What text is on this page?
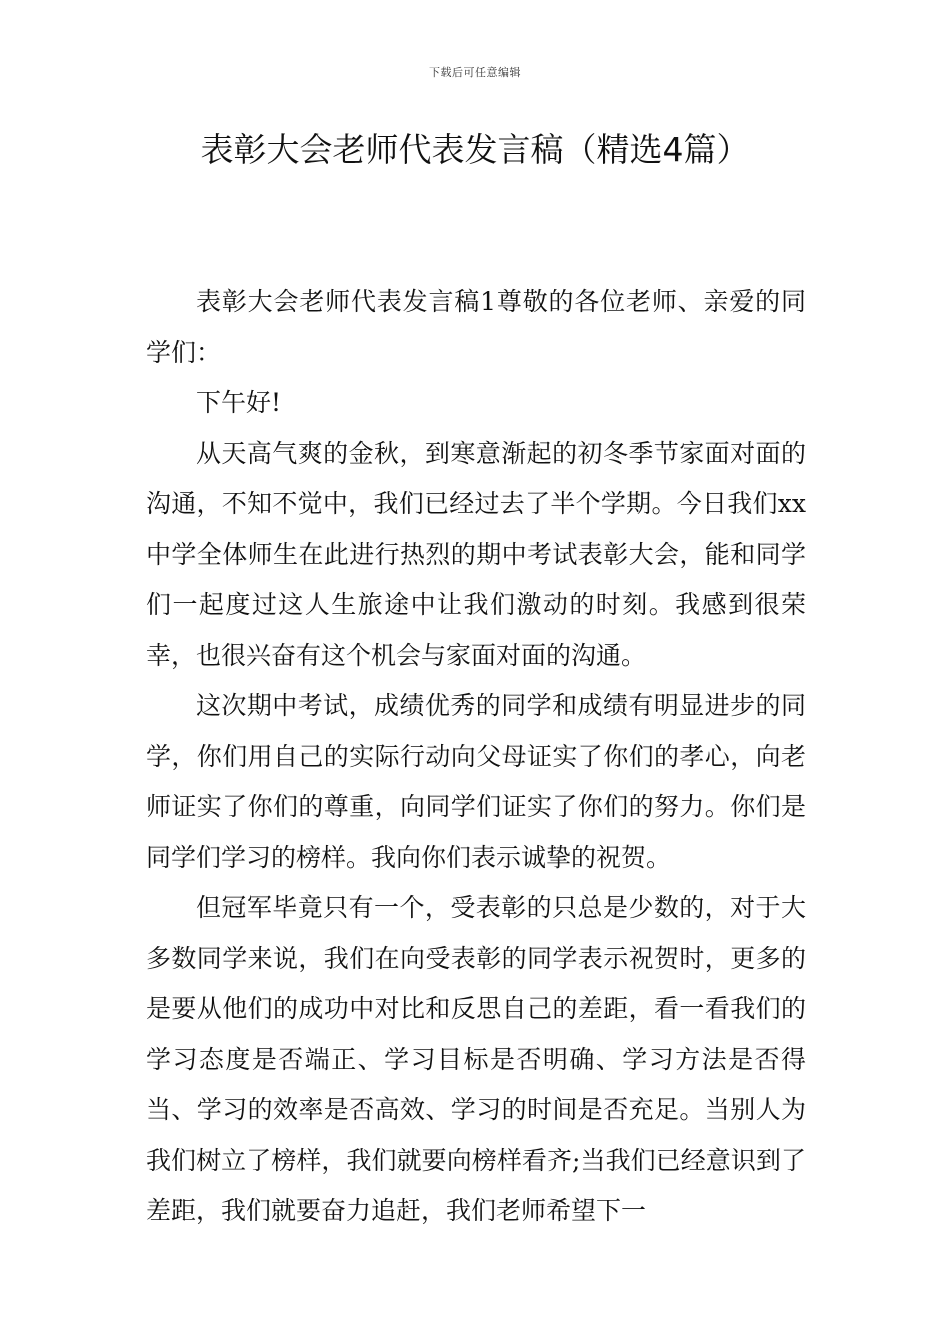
下载后可任意编辑
表彰大会老师代表发言稿（精选4篇）

表彰大会老师代表发言稿1尊敬的各位老师、亲爱的同学们：

下午好!

从天高气爽的金秋，到寒意渐起的初冬季节家面对面的沟通，不知不觉中，我们已经过去了半个学期。今日我们xx中学全体师生在此进行热烈的期中考试表彰大会，能和同学们一起度过这人生旅途中让我们激动的时刻。我感到很荣幸，也很兴奋有这个机会与家面对面的沟通。

这次期中考试，成绩优秀的同学和成绩有明显进步的同学，你们用自己的实际行动向父母证实了你们的孝心，向老师证实了你们的尊重，向同学们证实了你们的努力。你们是同学们学习的榜样。我向你们表示诚挚的祝贺。

但冠军毕竟只有一个，受表彰的只总是少数的，对于大多数同学来说，我们在向受表彰的同学表示祝贺时，更多的是要从他们的成功中对比和反思自己的差距，看一看我们的学习态度是否端正、学习目标是否明确、学习方法是否得当、学习的效率是否高效、学习的时间是否充足。当别人为我们树立了榜样，我们就要向榜样看齐;当我们已经意识到了差距，我们就要奋力追赶，我们老师希望下一
